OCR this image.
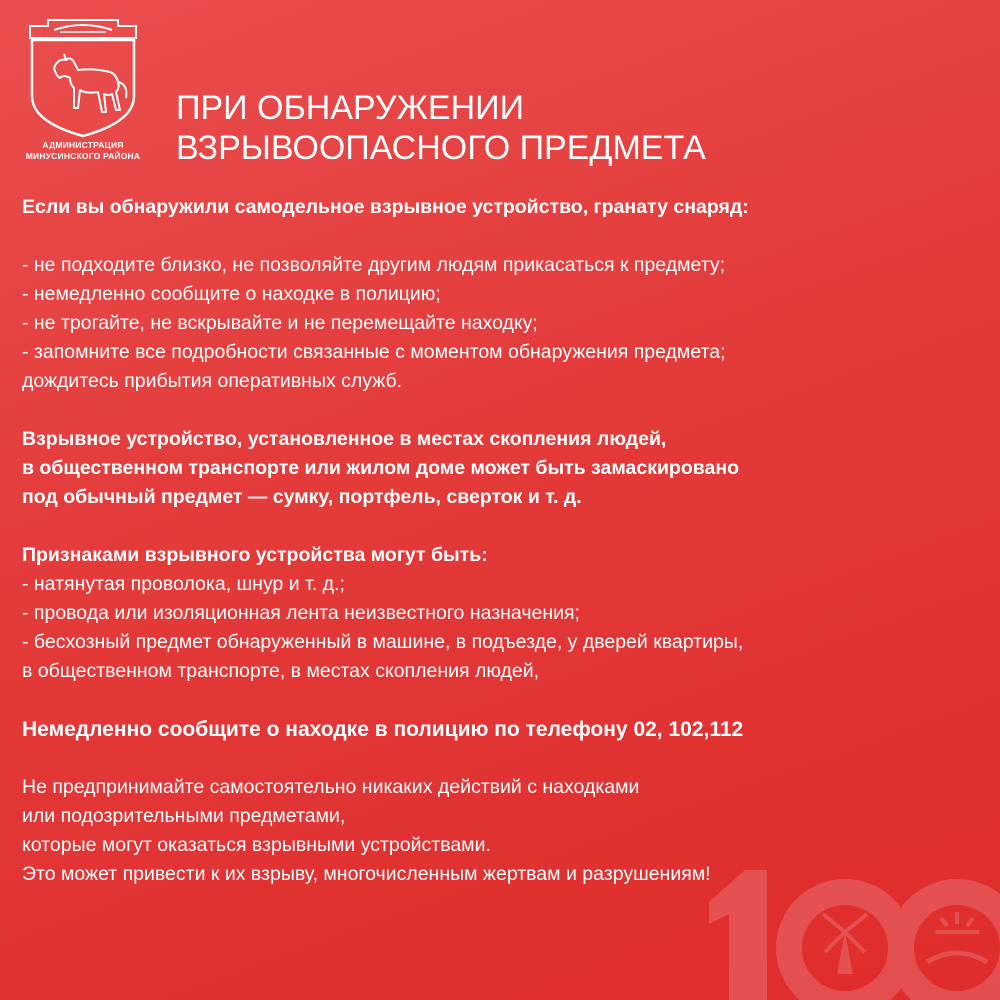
АДМИНИСТРАЦИЯ
МИНУСИНСКОГО РАЙОНА
ПРИ ОБНАРУЖЕНИИ
ВЗРЫВООПАСНОГО ПРЕДМЕТА
Если вы обнаружили самодельное взрывное устройство, гранату снаряд:
- не подходите близко, не позволяйте другим людям прикасаться к предмету;
- немедленно сообщите о находке в полицию;
- не трогайте, не вскрывайте и не перемещайте находку;
- запомните все подробности связанные с моментом обнаружения предмета;
дождитесь прибытия оперативных служб.
Взрывное устройство, установленное в местах скопления людей,
в общественном транспорте или жилом доме может быть замаскировано
под обычный предмет — сумку, портфель, сверток и т. д.
Признаками взрывного устройства могут быть:
- натянутая проволока, шнур и т. д.;
- провода или изоляционная лента неизвестного назначения;
- бесхозный предмет обнаруженный в машине, в подъезде, у дверей квартиры,
в общественном транспорте, в местах скопления людей,
Немедленно сообщите о находке в полицию по телефону 02, 102,112
Не предпринимайте самостоятельно никаких действий с находками
или подозрительными предметами,
которые могут оказаться взрывными устройствами.
Это может привести к их взрыву, многочисленным жертвам и разрушениям!
